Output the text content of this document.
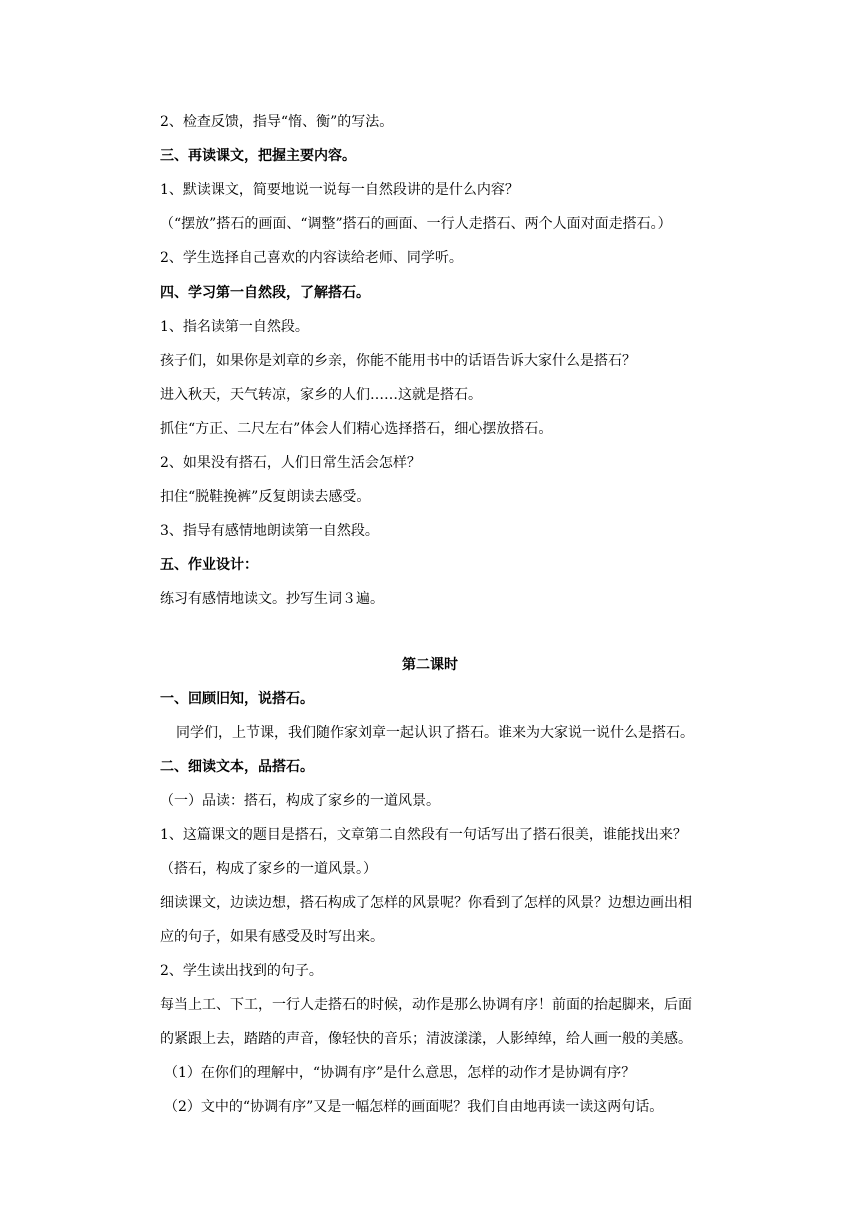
2、检查反馈，指导“惰、衡”的写法。
三、再读课文，把握主要内容。
1、默读课文，简要地说一说每一自然段讲的是什么内容？
（“摆放”搭石的画面、“调整”搭石的画面、一行人走搭石、两个人面对面走搭石。）
2、学生选择自己喜欢的内容读给老师、同学听。
四、学习第一自然段，了解搭石。
1、指名读第一自然段。
孩子们，如果你是刘章的乡亲，你能不能用书中的话语告诉大家什么是搭石？
进入秋天，天气转凉，家乡的人们……这就是搭石。
抓住“方正、二尺左右”体会人们精心选择搭石，细心摆放搭石。
2、如果没有搭石，人们日常生活会怎样？
扣住“脱鞋挽裤”反复朗读去感受。
3、指导有感情地朗读第一自然段。
五、作业设计：
练习有感情地读文。抄写生词３遍。
第二课时
一、回顾旧知，说搭石。
同学们，上节课，我们随作家刘章一起认识了搭石。谁来为大家说一说什么是搭石。
二、细读文本，品搭石。
（一）品读：搭石，构成了家乡的一道风景。
1、这篇课文的题目是搭石，文章第二自然段有一句话写出了搭石很美，谁能找出来？
（搭石，构成了家乡的一道风景。）
细读课文，边读边想，搭石构成了怎样的风景呢？你看到了怎样的风景？边想边画出相
应的句子，如果有感受及时写出来。
2、学生读出找到的句子。
每当上工、下工，一行人走搭石的时候，动作是那么协调有序！前面的抬起脚来，后面
的紧跟上去，踏踏的声音，像轻快的音乐；清波漾漾，人影绰绰，给人画一般的美感。
（1）在你们的理解中，“协调有序”是什么意思，怎样的动作才是协调有序？
（2）文中的“协调有序”又是一幅怎样的画面呢？我们自由地再读一读这两句话。
